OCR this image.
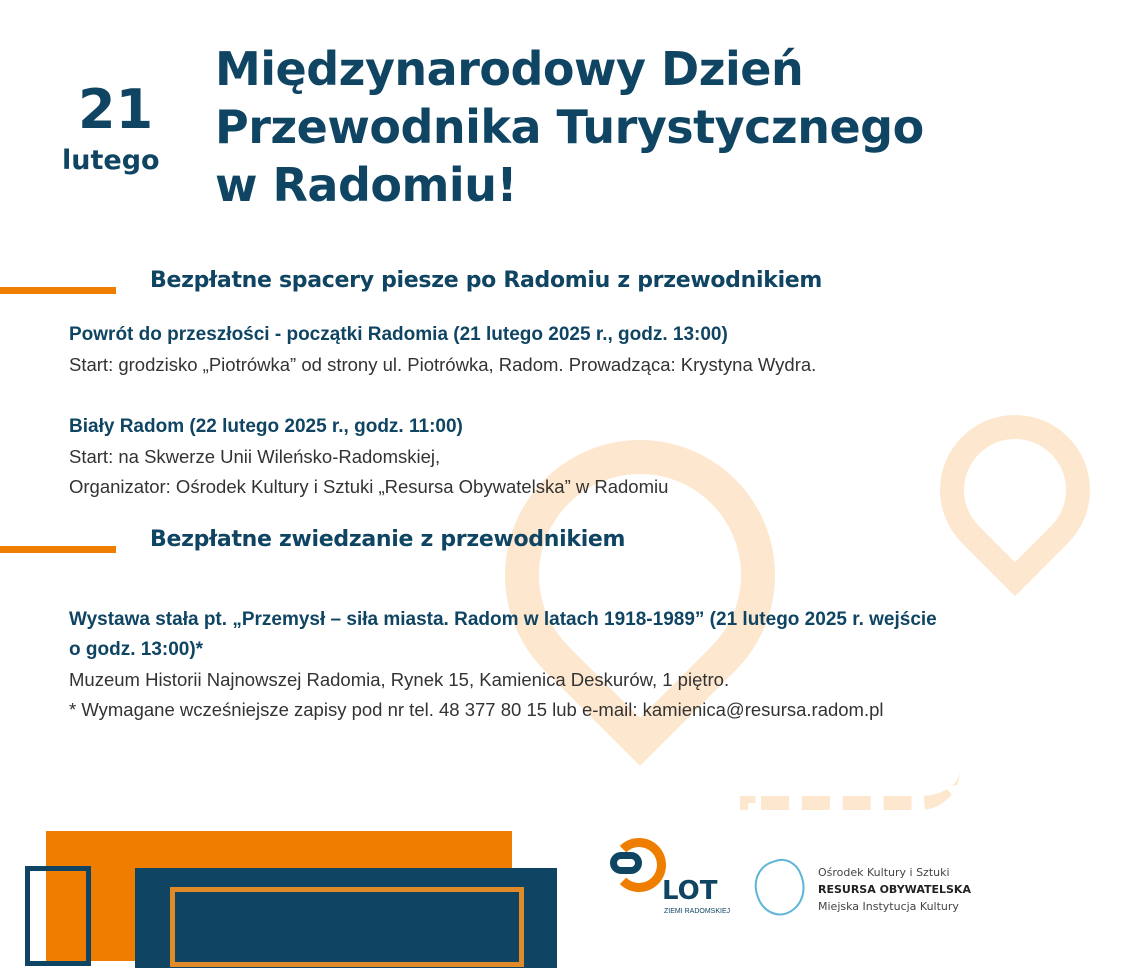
21
lutego
Międzynarodowy Dzień
Przewodnika Turystycznego
w Radomiu!
Bezpłatne spacery piesze po Radomiu z przewodnikiem
Powrót do przeszłości - początki Radomia (21 lutego 2025 r., godz. 13:00)
Start: grodzisko „Piotrówka” od strony ul. Piotrówka, Radom. Prowadząca: Krystyna Wydra.
Biały Radom (22 lutego 2025 r., godz. 11:00)
Start: na Skwerze Unii Wileńsko-Radomskiej,
Organizator: Ośrodek Kultury i Sztuki „Resursa Obywatelska” w Radomiu
Bezpłatne zwiedzanie z przewodnikiem
Wystawa stała pt. „Przemysł – siła miasta. Radom w latach 1918-1989” (21 lutego 2025 r. wejście
o godz. 13:00)*
Muzeum Historii Najnowszej Radomia, Rynek 15, Kamienica Deskurów, 1 piętro.
* Wymagane wcześniejsze zapisy pod nr tel. 48 377 80 15 lub e-mail: kamienica@resursa.radom.pl
LOT
ZIEMI RADOMSKIEJ
Ośrodek Kultury i Sztuki
RESURSA OBYWATELSKA
Miejska Instytucja Kultury
